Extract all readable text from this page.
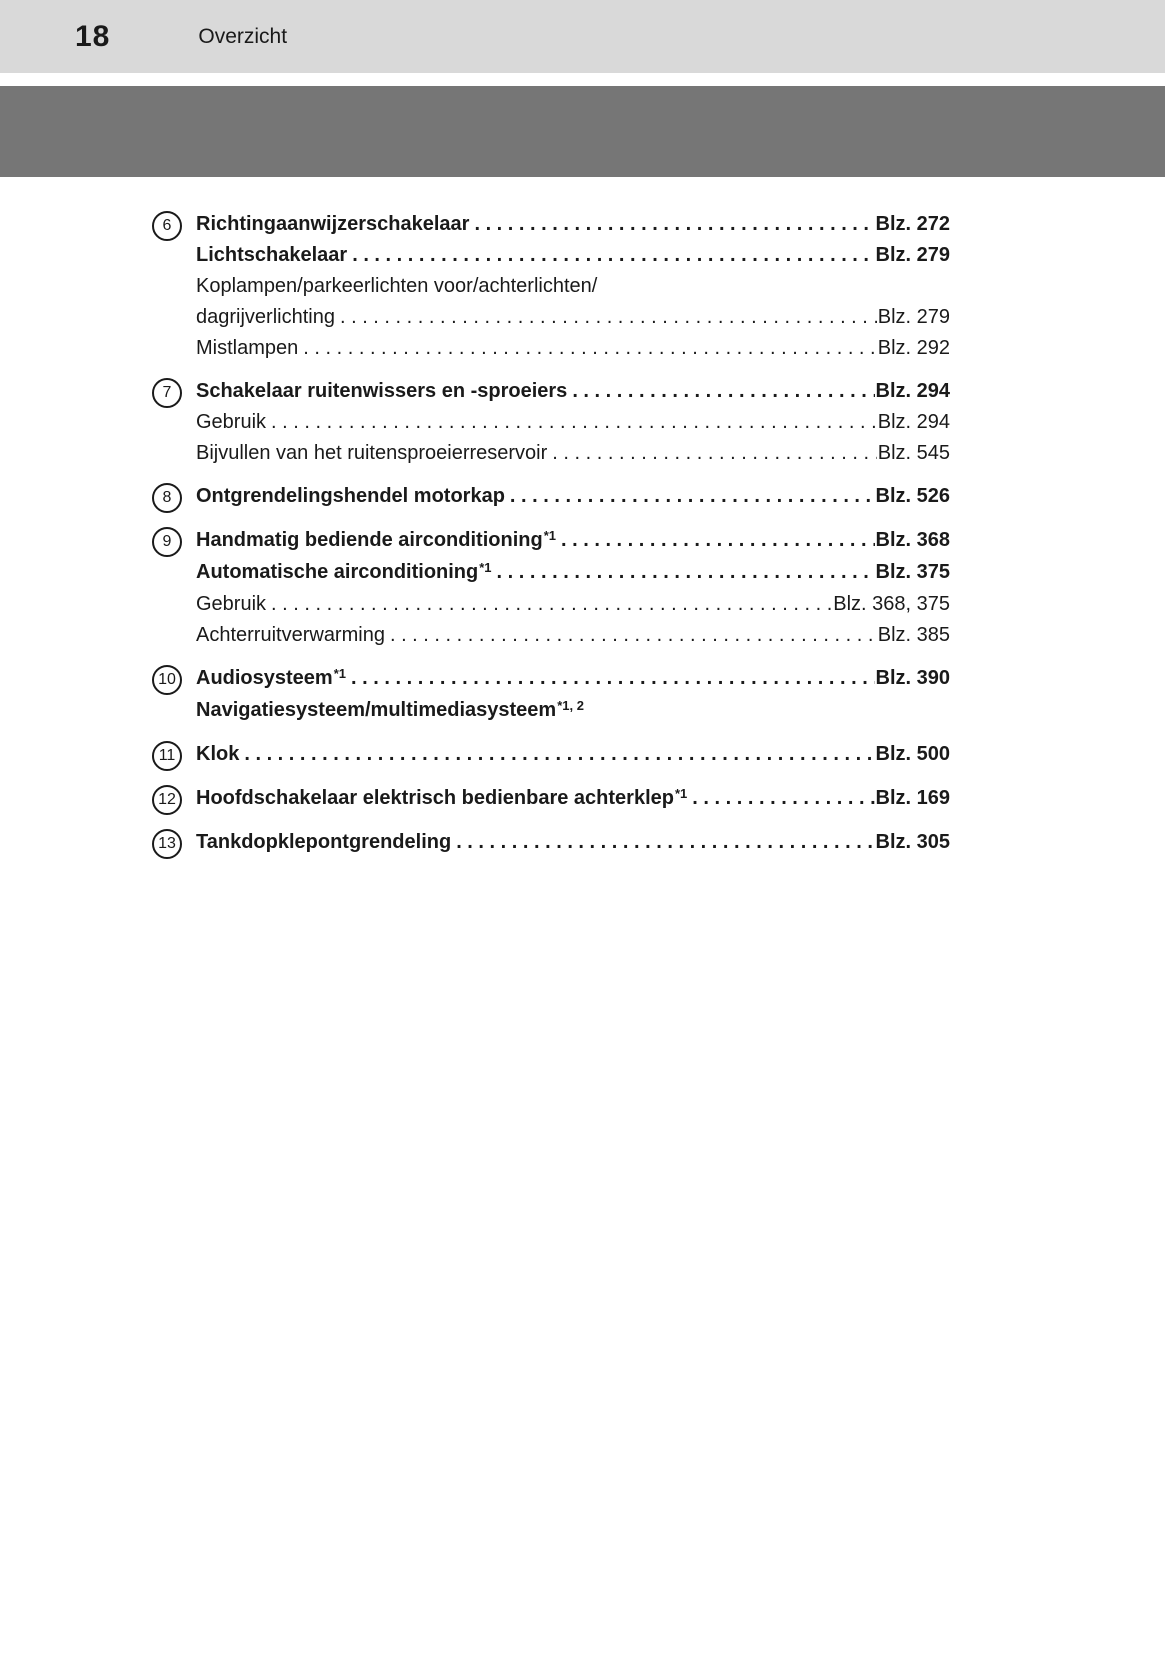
18	Overzicht
6	Richtingaanwijzerschakelaar . . .	Blz. 272
Lichtschakelaar . . .	Blz. 279
Koplampen/parkeerlichten voor/achterlichten/
dagrijverlichting . . .	Blz. 279
Mistlampen . . .	Blz. 292
7	Schakelaar ruitenwissers en -sproeiers . . .	Blz. 294
Gebruik . . .	Blz. 294
Bijvullen van het ruitensproeierreservoir . . .	Blz. 545
8	Ontgrendelingshendel motorkap . . .	Blz. 526
9	Handmatig bediende airconditioning *1 . . .	Blz. 368
Automatische airconditioning *1 . . .	Blz. 375
Gebruik . . .	Blz. 368, 375
Achterruitverwarming . . .	Blz. 385
10	Audiosysteem *1 . . .	Blz. 390
Navigatiesysteem/multimediasysteem *1, 2
11	Klok . . .	Blz. 500
12	Hoofdschakelaar elektrisch bedienbare achterklep *1 . . .	Blz. 169
13	Tankdopklepontgrendeling . . .	Blz. 305
